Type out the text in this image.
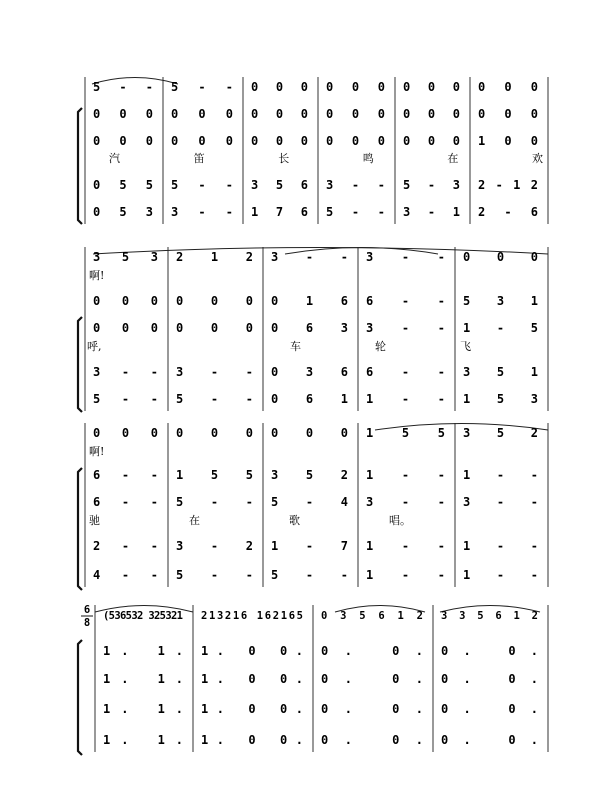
5 - - 5 - - 0 0 0 0 0 0 0 0 0 0 0 0
0 0 0 0 0 0 0 0 0 0 0 0 0 0 0 0 0 0
0 0 0 0 0 0 0 0 0 0 0 0 0 0 0 1 0 0
汽	笛	长	鸣	在	欢
0 5 5 5 - - 3 5 6 3 - - 5 - 3 2 - 1 2
0 5 3 3 - - 1 7 6 5 - - 3 - 1 2 - 6
3 5 3 2 1 2 3 - - 3 - - 0 0 0
啊!
0 0 0 0 0 0 0 1 6 6 - - 5 3 1
0 0 0 0 0 0 0 6 3 3 - - 1 - 5
呼,	车	轮	飞
3 - - 3 - - 0 3 6 6 - - 3 5 1
5 - - 5 - - 0 6 1 1 - - 1 5 3
0 0 0 0 0 0 0 0 0 1 5 5 3 5 2
啊!
6 - - 1 5 5 3 5 2 1 - - 1 - -
6 - - 5 - - 5 - 4 3 - - 3 - -
驰	在	歌	唱。
2 - - 3 - 2 1 - 7 1 - - 1 - -
4 - - 5 - - 5 - - 1 - - 1 - -
6
8
(536532 325321 213216 162165 0 3 5 6 1 2 3 3 5 6 1 2
1. 1. 1. 0 0. 0. 0. 0. 0.
1. 1. 1. 0 0. 0. 0. 0. 0.
1. 1. 1. 0 0. 0. 0. 0. 0.
1. 1. 1. 0 0. 0. 0. 0. 0.
